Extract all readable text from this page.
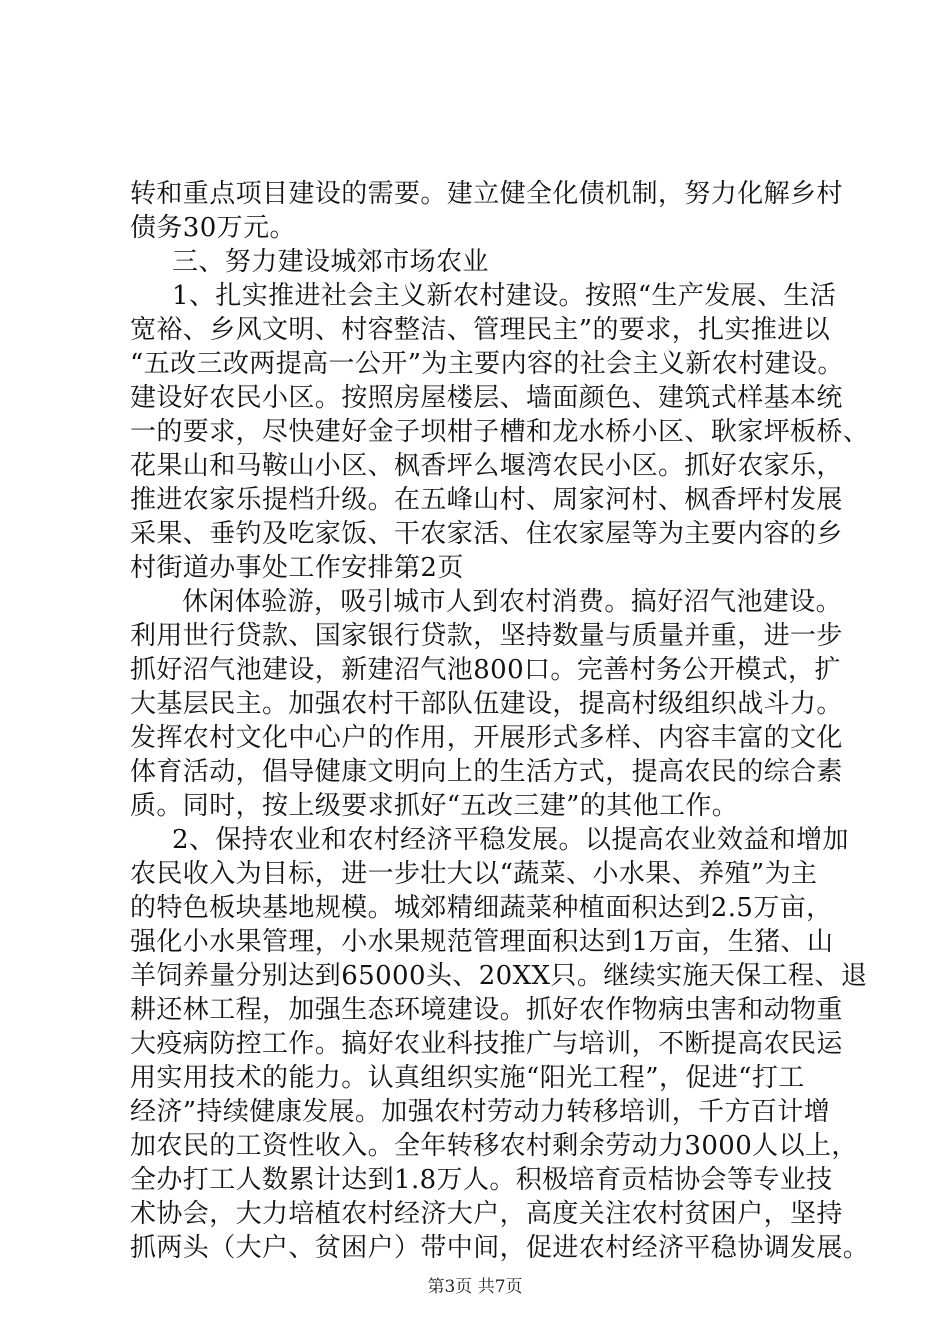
转和重点项目建设的需要。建立健全化债机制，努力化解乡村
债务30万元。
三、努力建设城郊市场农业
1、扎实推进社会主义新农村建设。按照“生产发展、生活
宽裕、乡风文明、村容整洁、管理民主”的要求，扎实推进以
“五改三改两提高一公开”为主要内容的社会主义新农村建设。
建设好农民小区。按照房屋楼层、墙面颜色、建筑式样基本统
一的要求，尽快建好金子坝柑子槽和龙水桥小区、耿家坪板桥、
花果山和马鞍山小区、枫香坪么堰湾农民小区。抓好农家乐，
推进农家乐提档升级。在五峰山村、周家河村、枫香坪村发展
采果、垂钓及吃家饭、干农家活、住农家屋等为主要内容的乡
村街道办事处工作安排第2页
休闲体验游，吸引城市人到农村消费。搞好沼气池建设。
利用世行贷款、国家银行贷款，坚持数量与质量并重，进一步
抓好沼气池建设，新建沼气池800口。完善村务公开模式，扩
大基层民主。加强农村干部队伍建设，提高村级组织战斗力。
发挥农村文化中心户的作用，开展形式多样、内容丰富的文化
体育活动，倡导健康文明向上的生活方式，提高农民的综合素
质。同时，按上级要求抓好“五改三建”的其他工作。
2、保持农业和农村经济平稳发展。以提高农业效益和增加
农民收入为目标，进一步壮大以“蔬菜、小水果、养殖”为主
的特色板块基地规模。城郊精细蔬菜种植面积达到2.5万亩，
强化小水果管理，小水果规范管理面积达到1万亩，生猪、山
羊饲养量分别达到65000头、20XX只。继续实施天保工程、退
耕还林工程，加强生态环境建设。抓好农作物病虫害和动物重
大疫病防控工作。搞好农业科技推广与培训，不断提高农民运
用实用技术的能力。认真组织实施“阳光工程”，促进“打工
经济”持续健康发展。加强农村劳动力转移培训，千方百计增
加农民的工资性收入。全年转移农村剩余劳动力3000人以上，
全办打工人数累计达到1.8万人。积极培育贡桔协会等专业技
术协会，大力培植农村经济大户，高度关注农村贫困户，坚持
抓两头（大户、贫困户）带中间，促进农村经济平稳协调发展。
第3页 共7页
